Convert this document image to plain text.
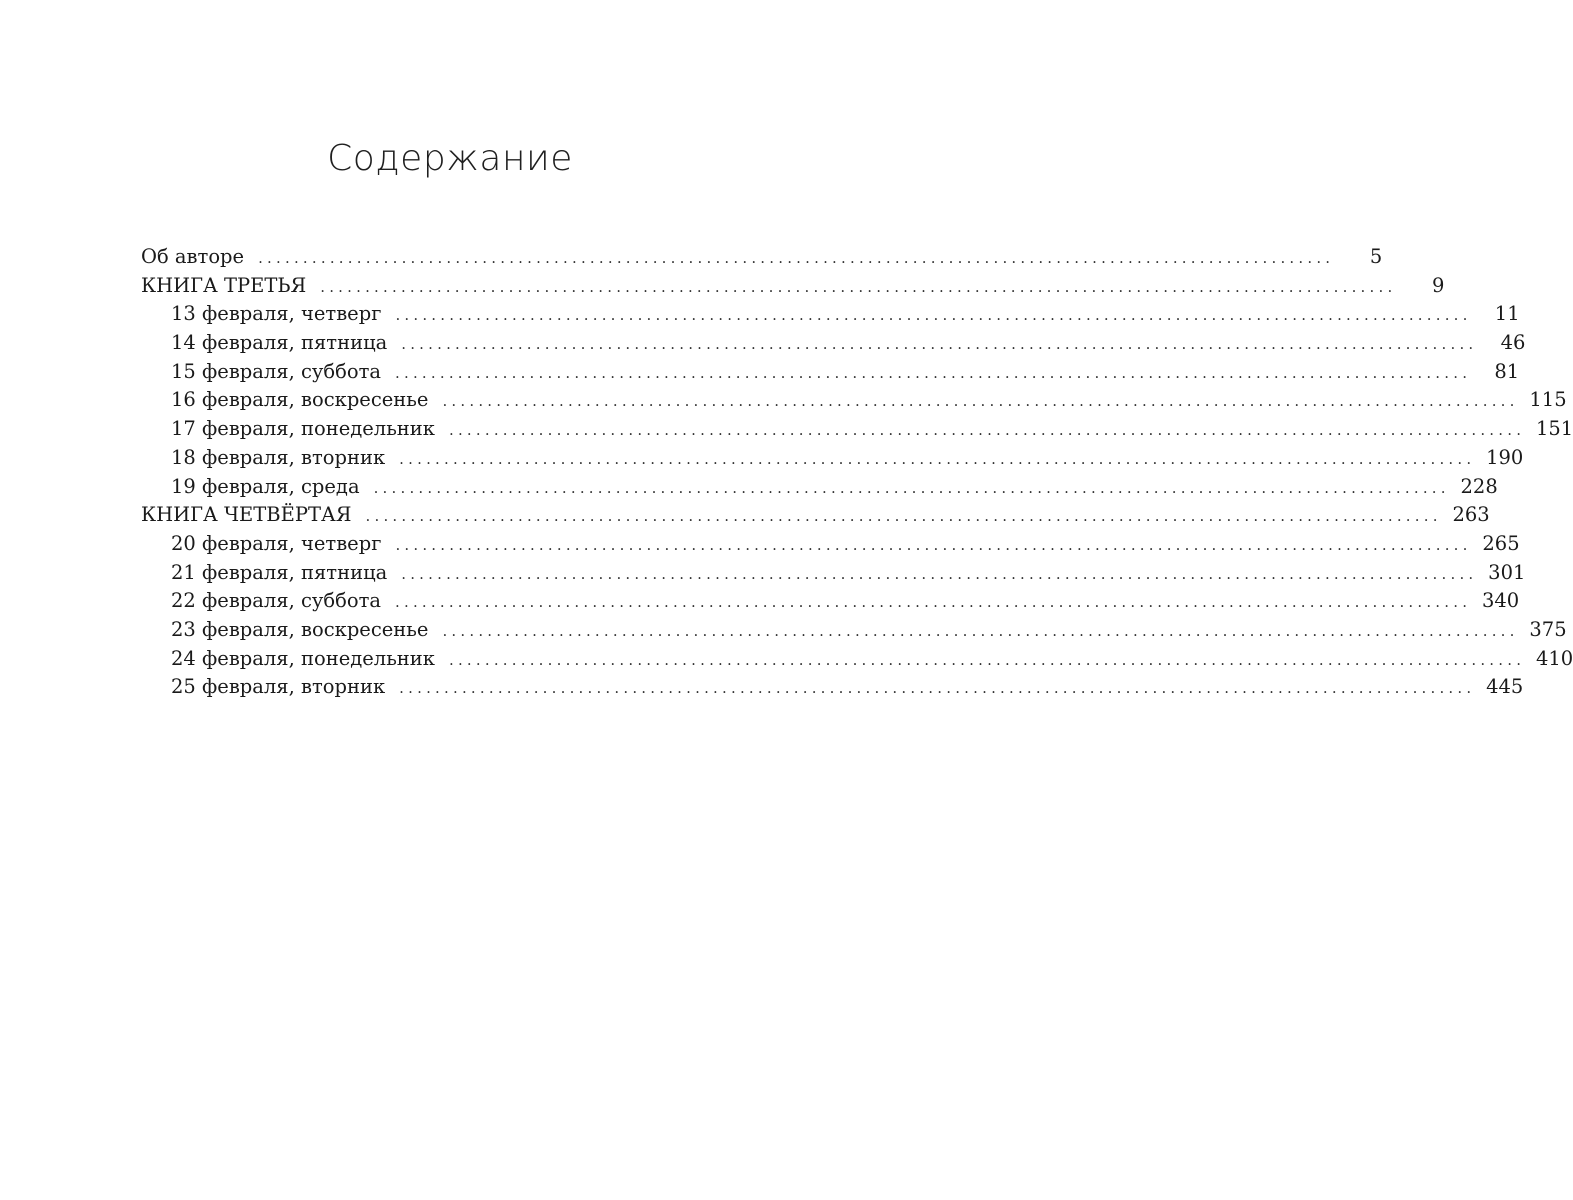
Содержание
Об авторе ........................................................................................................................	5
КНИГА ТРЕТЬЯ ........................................................................................................................	9
13 февраля, четверг ........................................................................................................................	11
14 февраля, пятница ........................................................................................................................	46
15 февраля, суббота ........................................................................................................................	81
16 февраля, воскресенье ........................................................................................................................ 115
17 февраля, понедельник ........................................................................................................................ 151
18 февраля, вторник ........................................................................................................................ 190
19 февраля, среда ........................................................................................................................ 228
КНИГА ЧЕТВЁРТАЯ ........................................................................................................................ 263
20 февраля, четверг ........................................................................................................................ 265
21 февраля, пятница ........................................................................................................................ 301
22 февраля, суббота ........................................................................................................................ 340
23 февраля, воскресенье ........................................................................................................................ 375
24 февраля, понедельник ........................................................................................................................ 410
25 февраля, вторник ........................................................................................................................ 445
